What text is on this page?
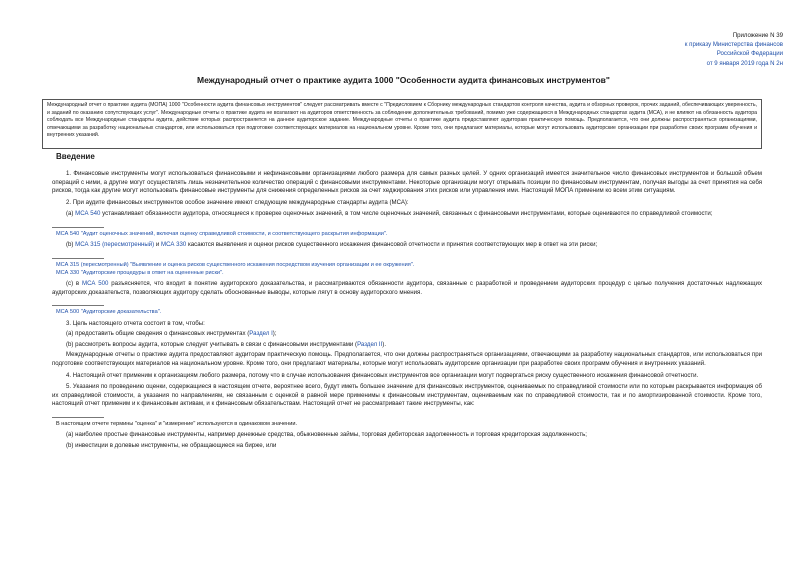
Приложение N 39
к приказу Министерства финансов
Российской Федерации
от 9 января 2019 года N 2н
Международный отчет о практике аудита 1000 "Особенности аудита финансовых инструментов"

Международный отчет о практике аудита (МОПА) 1000 "Особенности аудита финансовых инструментов" следует рассматривать вместе с "Предисловием к Сборнику международных стандартов контроля качества, аудита и обзорных проверок, прочих заданий, обеспечивающих уверенность, и заданий по оказанию сопутствующих услуг". Международные отчеты о практике аудита не возлагают на аудиторов ответственность за соблюдение дополнительных требований, помимо уже содержащихся в Международных стандартах аудита (МСА), и не влияют на обязанность аудитора соблюдать все Международные стандарты аудита, действие которых распространяется на данное аудиторское задание. Международные отчеты о практике аудита предоставляют аудиторам практическую помощь. Предполагается, что они должны распространяться организациями, отвечающими за разработку национальных стандартов, или использоваться при подготовке соответствующих материалов на национальном уровне. Кроме того, они предлагают материалы, которые могут использовать аудиторские организации при разработке своих программ обучения и внутренних указаний.

Введение

1. Финансовые инструменты могут использоваться финансовыми и нефинансовыми организациями любого размера для самых разных целей. У одних организаций имеется значительное число финансовых инструментов и большой объем операций с ними, а другие могут осуществлять лишь незначительное количество операций с финансовыми инструментами. Некоторые организации могут открывать позиции по финансовым инструментам, получая выгоды за счет принятия на себя рисков, тогда как другие могут использовать финансовые инструменты для снижения определенных рисков за счет хеджирования этих рисков или управления ими. Настоящий МОПА применим ко всем этим ситуациям.

2. При аудите финансовых инструментов особое значение имеют следующие международные стандарты аудита (МСА):

(a) МСА 540 устанавливает обязанности аудитора, относящиеся к проверке оценочных значений, в том числе оценочных значений, связанных с финансовыми инструментами, которые оцениваются по справедливой стоимости;

МСА 540 "Аудит оценочных значений, включая оценку справедливой стоимости, и соответствующего раскрытия информации".

(b) МСА 315 (пересмотренный) и МСА 330 касаются выявления и оценки рисков существенного искажения финансовой отчетности и принятия соответствующих мер в ответ на эти риски;

МСА 315 (пересмотренный) "Выявление и оценка рисков существенного искажения посредством изучения организации и ее окружения".

МСА 330 "Аудиторские процедуры в ответ на оцененные риски".

(c) в МСА 500 разъясняется, что входит в понятие аудиторского доказательства, и рассматриваются обязанности аудитора, связанные с разработкой и проведением аудиторских процедур с целью получения достаточных надлежащих аудиторских доказательств, позволяющих аудитору сделать обоснованные выводы, которые лягут в основу аудиторского мнения.

МСА 500 "Аудиторские доказательства".

3. Цель настоящего отчета состоит в том, чтобы:

(a) предоставить общие сведения о финансовых инструментах (Раздел I);

(b) рассмотреть вопросы аудита, которые следует учитывать в связи с финансовыми инструментами (Раздел II).

Международные отчеты о практике аудита предоставляют аудиторам практическую помощь. Предполагается, что они должны распространяться организациями, отвечающими за разработку национальных стандартов, или использоваться при подготовке соответствующих материалов на национальном уровне. Кроме того, они предлагают материалы, которые могут использовать аудиторские организации при разработке своих программ обучения и внутренних указаний.

4. Настоящий отчет применим к организациям любого размера, потому что в случае использования финансовых инструментов все организации могут подвергаться риску существенного искажения финансовой отчетности.

5. Указания по проведению оценки, содержащиеся в настоящем отчете, вероятнее всего, будут иметь большее значение для финансовых инструментов, оцениваемых по справедливой стоимости или по которым раскрывается информация об их справедливой стоимости, а указания по направлениям, не связанным с оценкой в равной мере применимы к финансовым инструментам, оцениваемым как по справедливой стоимости, так и по амортизированной стоимости. Кроме того, настоящий отчет применим и к финансовым активам, и к финансовым обязательствам. Настоящий отчет не рассматривает такие инструменты, как:

В настоящем отчете термины "оценка" и "измерение" используются в одинаковом значении.

(a) наиболее простые финансовые инструменты, например денежные средства, обыкновенные займы, торговая дебиторская задолженность и торговая кредиторская задолженность;

(b) инвестиции в долевые инструменты, не обращающиеся на бирже, или
